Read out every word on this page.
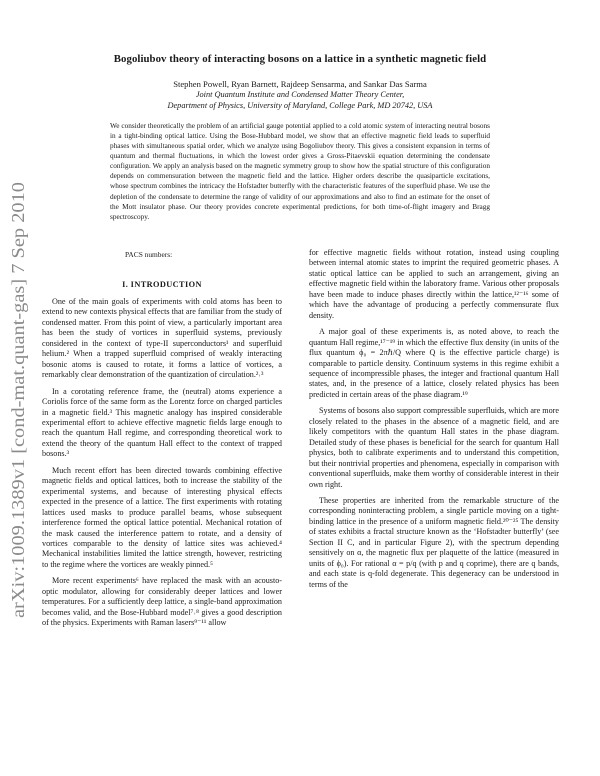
arXiv:1009.1389v1 [cond-mat.quant-gas] 7 Sep 2010
Bogoliubov theory of interacting bosons on a lattice in a synthetic magnetic field
Stephen Powell, Ryan Barnett, Rajdeep Sensarma, and Sankar Das Sarma
Joint Quantum Institute and Condensed Matter Theory Center,
Department of Physics, University of Maryland, College Park, MD 20742, USA
We consider theoretically the problem of an artificial gauge potential applied to a cold atomic system of interacting neutral bosons in a tight-binding optical lattice. Using the Bose-Hubbard model, we show that an effective magnetic field leads to superfluid phases with simultaneous spatial order, which we analyze using Bogoliubov theory. This gives a consistent expansion in terms of quantum and thermal fluctuations, in which the lowest order gives a Gross-Pitaevskii equation determining the condensate configuration. We apply an analysis based on the magnetic symmetry group to show how the spatial structure of this configuration depends on commensuration between the magnetic field and the lattice. Higher orders describe the quasiparticle excitations, whose spectrum combines the intricacy the Hofstadter butterfly with the characteristic features of the superfluid phase. We use the depletion of the condensate to determine the range of validity of our approximations and also to find an estimate for the onset of the Mott insulator phase. Our theory provides concrete experimental predictions, for both time-of-flight imagery and Bragg spectroscopy.
PACS numbers:
I. INTRODUCTION

One of the main goals of experiments with cold atoms has been to extend to new contexts physical effects that are familiar from the study of condensed matter. From this point of view, a particularly important area has been the study of vortices in superfluid systems, previously considered in the context of type-II superconductors¹ and superfluid helium.² When a trapped superfluid comprised of weakly interacting bosonic atoms is caused to rotate, it forms a lattice of vortices, a remarkably clear demonstration of the quantization of circulation.²˒³

In a corotating reference frame, the (neutral) atoms experience a Coriolis force of the same form as the Lorentz force on charged particles in a magnetic field.³ This magnetic analogy has inspired considerable experimental effort to achieve effective magnetic fields large enough to reach the quantum Hall regime, and corresponding theoretical work to extend the theory of the quantum Hall effect to the context of trapped bosons.³

Much recent effort has been directed towards combining effective magnetic fields and optical lattices, both to increase the stability of the experimental systems, and because of interesting physical effects expected in the presence of a lattice. The first experiments with rotating lattices used masks to produce parallel beams, whose subsequent interference formed the optical lattice potential. Mechanical rotation of the mask caused the interference pattern to rotate, and a density of vortices comparable to the density of lattice sites was achieved.⁴ Mechanical instabilities limited the lattice strength, however, restricting to the regime where the vortices are weakly pinned.⁵

More recent experiments⁶ have replaced the mask with an acousto-optic modulator, allowing for considerably deeper lattices and lower temperatures. For a sufficiently deep lattice, a single-band approximation becomes valid, and the Bose-Hubbard model⁷˒⁸ gives a good description of the physics. Experiments with Raman lasers⁹⁻¹¹ allow

for effective magnetic fields without rotation, instead using coupling between internal atomic states to imprint the required geometric phases. A static optical lattice can be applied to such an arrangement, giving an effective magnetic field within the laboratory frame. Various other proposals have been made to induce phases directly within the lattice,¹²⁻¹⁶ some of which have the advantage of producing a perfectly commensurate flux density.

A major goal of these experiments is, as noted above, to reach the quantum Hall regime,¹⁷⁻¹⁹ in which the effective flux density (in units of the flux quantum ϕ₀ = 2πℏ/Q where Q is the effective particle charge) is comparable to particle density. Continuum systems in this regime exhibit a sequence of incompressible phases, the integer and fractional quantum Hall states, and, in the presence of a lattice, closely related physics has been predicted in certain areas of the phase diagram.¹⁹

Systems of bosons also support compressible superfluids, which are more closely related to the phases in the absence of a magnetic field, and are likely competitors with the quantum Hall states in the phase diagram. Detailed study of these phases is beneficial for the search for quantum Hall physics, both to calibrate experiments and to understand this competition, but their nontrivial properties and phenomena, especially in comparison with conventional superfluids, make them worthy of considerable interest in their own right.

These properties are inherited from the remarkable structure of the corresponding noninteracting problem, a single particle moving on a tight-binding lattice in the presence of a uniform magnetic field.²⁰⁻²⁵ The density of states exhibits a fractal structure known as the ‘Hofstadter butterfly’ (see Section II C, and in particular Figure 2), with the spectrum depending sensitively on α, the magnetic flux per plaquette of the lattice (measured in units of ϕ₀). For rational α = p/q (with p and q coprime), there are q bands, and each state is q-fold degenerate. This degeneracy can be understood in terms of the
